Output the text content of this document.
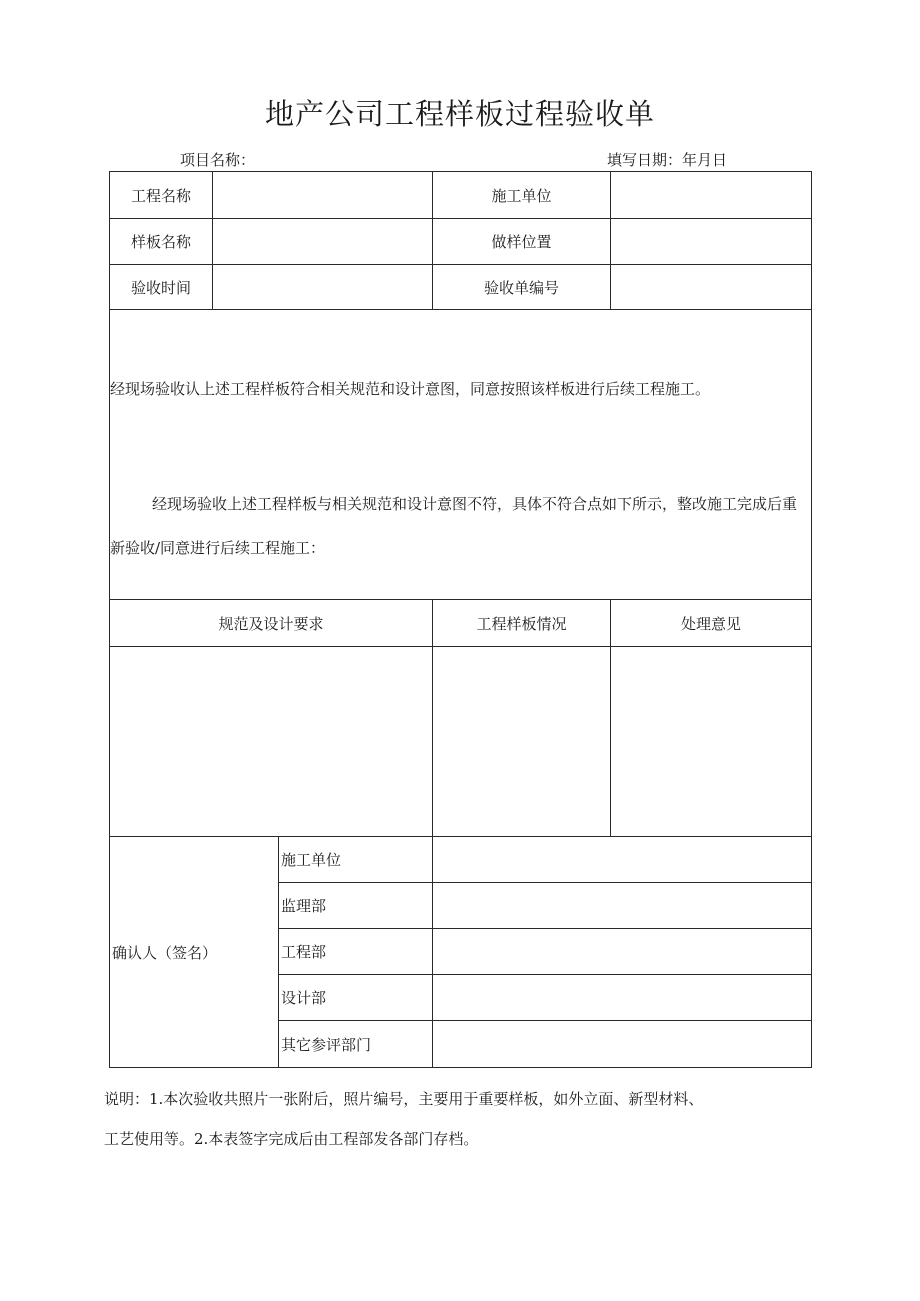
地产公司工程样板过程验收单
项目名称：	填写日期：年月日
工程名称			施工单位	
样板名称			做样位置	
验收时间			验收单编号	

经现场验收认上述工程样板符合相关规范和设计意图，同意按照该样板进行后续工程施工。
经现场验收上述工程样板与相关规范和设计意图不符，具体不符合点如下所示，整改施工完成后重新验收/同意进行后续工程施工：				

规范及设计要求			工程样板情况	处理意见

确认人（签名）		施工单位		
		监理部		
		工程部		
		设计部		
		其它参评部门		
说明：1.本次验收共照片一张附后，照片编号，主要用于重要样板，如外立面、新型材料、
工艺使用等。2.本表签字完成后由工程部发各部门存档。
